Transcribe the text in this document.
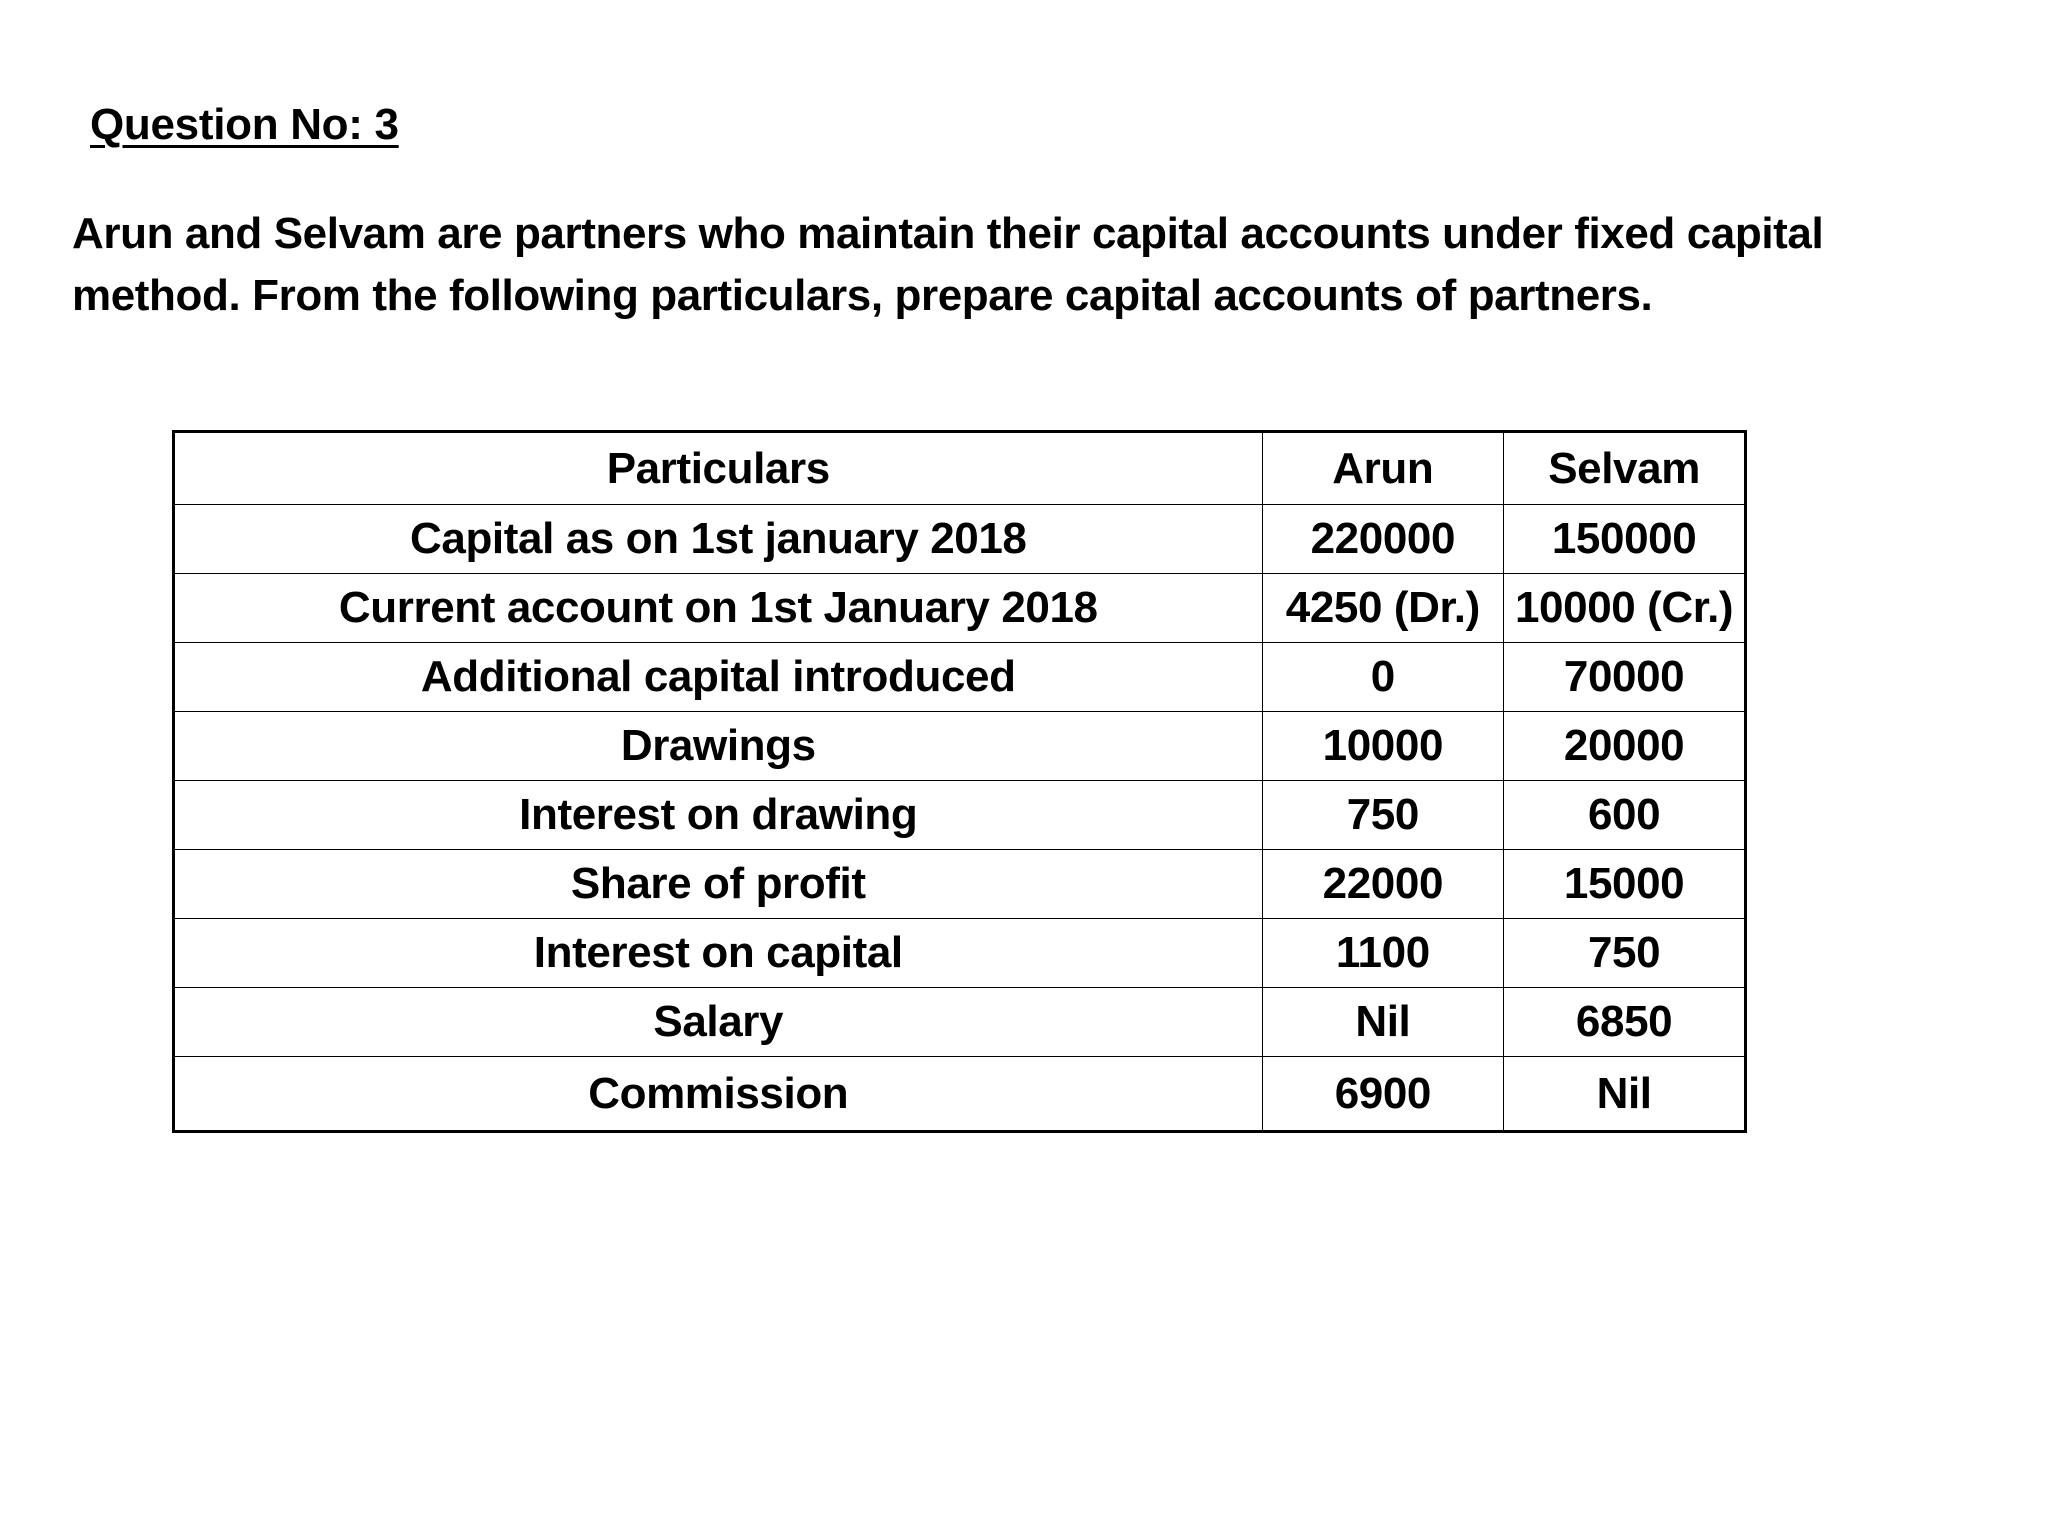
Question No: 3
Arun and Selvam are partners who maintain their capital accounts under fixed capital
method. From the following particulars, prepare capital accounts of partners.
Particulars	Arun	Selvam
Capital as on 1st january 2018	220000	150000
Current account on 1st January 2018	4250 (Dr.)	10000 (Cr.)
Additional capital introduced	0	70000
Drawings	10000	20000
Interest on drawing	750	600
Share of profit	22000	15000
Interest on capital	1100	750
Salary	Nil	6850
Commission	6900	Nil
